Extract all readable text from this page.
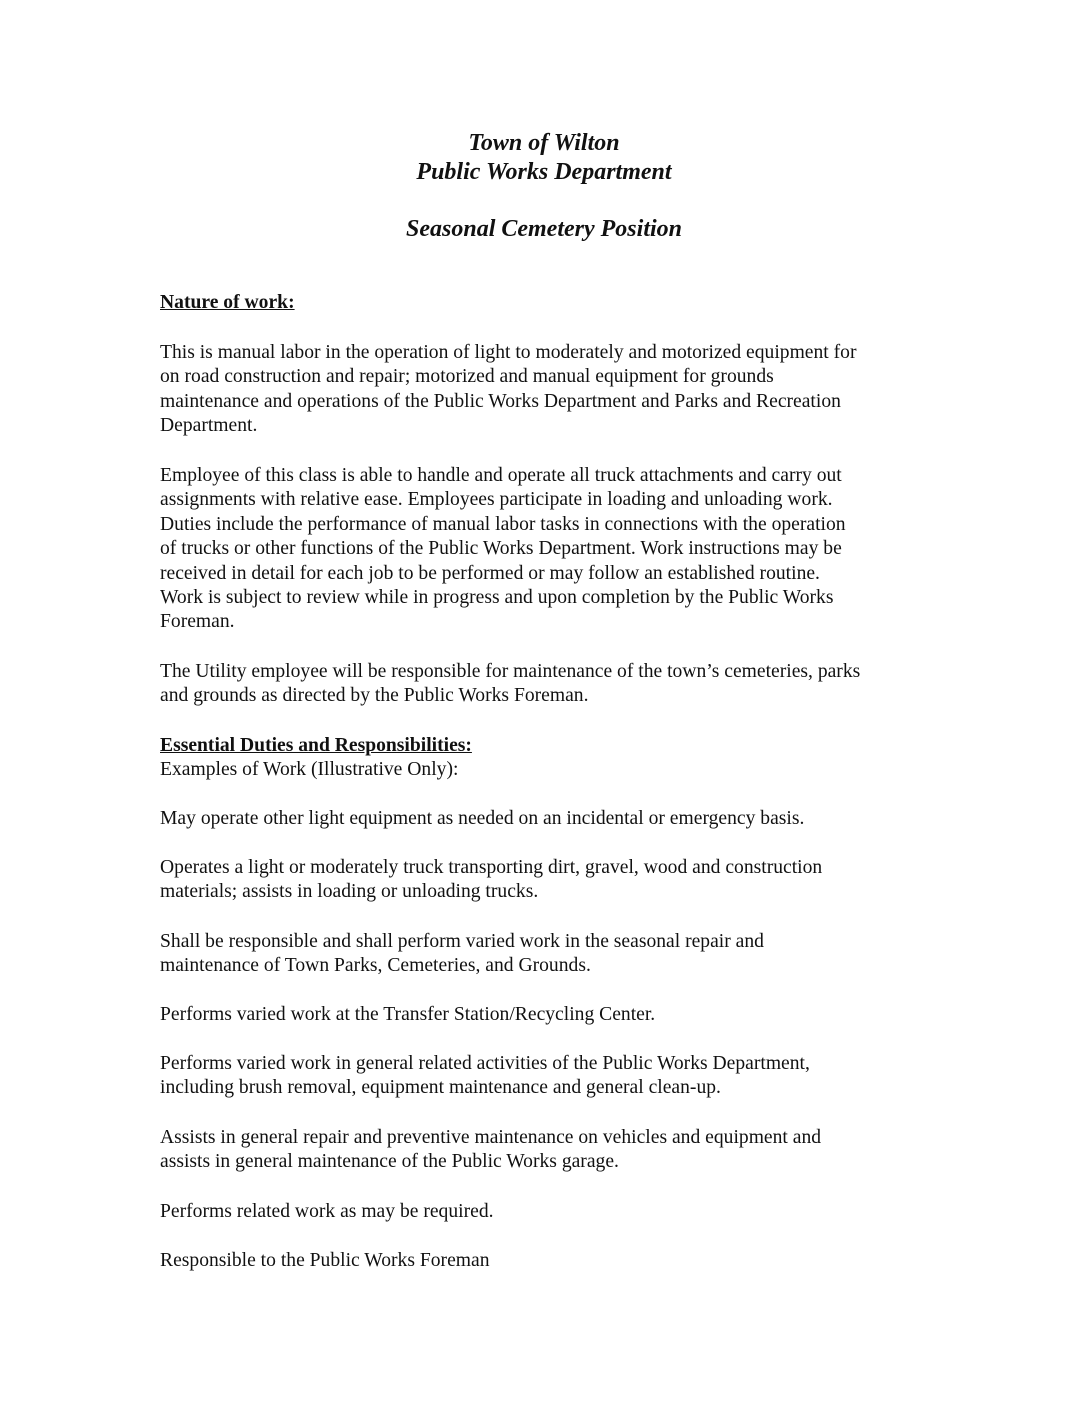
Town of Wilton
Public Works Department
Seasonal Cemetery Position
Nature of work:

This is manual labor in the operation of light to moderately and motorized equipment for
on road construction and repair; motorized and manual equipment for grounds
maintenance and operations of the Public Works Department and Parks and Recreation
Department.

Employee of this class is able to handle and operate all truck attachments and carry out
assignments with relative ease. Employees participate in loading and unloading work.
Duties include the performance of manual labor tasks in connections with the operation
of trucks or other functions of the Public Works Department. Work instructions may be
received in detail for each job to be performed or may follow an established routine.
Work is subject to review while in progress and upon completion by the Public Works
Foreman.

The Utility employee will be responsible for maintenance of the town’s cemeteries, parks
and grounds as directed by the Public Works Foreman.

Essential Duties and Responsibilities:
Examples of Work (Illustrative Only):

May operate other light equipment as needed on an incidental or emergency basis.

Operates a light or moderately truck transporting dirt, gravel, wood and construction
materials; assists in loading or unloading trucks.

Shall be responsible and shall perform varied work in the seasonal repair and
maintenance of Town Parks, Cemeteries, and Grounds.

Performs varied work at the Transfer Station/Recycling Center.

Performs varied work in general related activities of the Public Works Department,
including brush removal, equipment maintenance and general clean-up.

Assists in general repair and preventive maintenance on vehicles and equipment and
assists in general maintenance of the Public Works garage.

Performs related work as may be required.

Responsible to the Public Works Foreman
